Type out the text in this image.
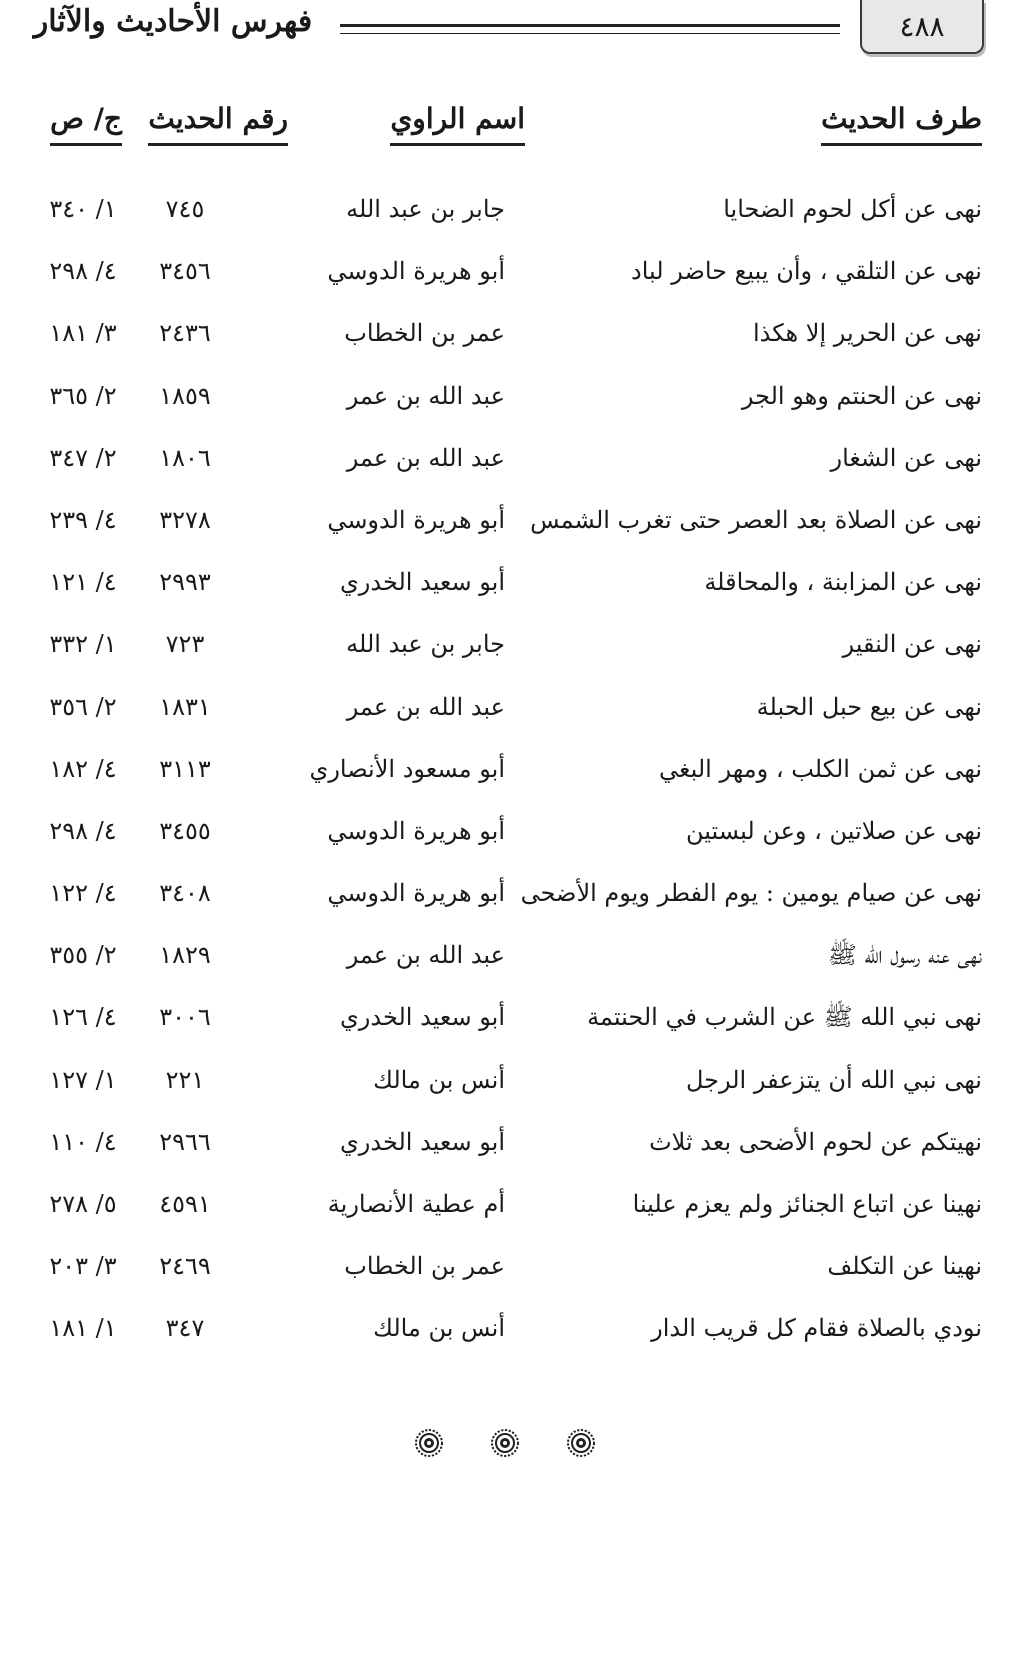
٤٨٨
فهرس الأحاديث والآثار
طرف الحديث
اسم الراوي
رقم الحديث
ج/ ص
نهى عن أكل لحوم الضحايا
جابر بن عبد الله
٧٤٥
١/ ٣٤٠
نهى عن التلقي ، وأن يبيع حاضر لباد
أبو هريرة الدوسي
٣٤٥٦
٤/ ٢٩٨
نهى عن الحرير إلا هكذا
عمر بن الخطاب
٢٤٣٦
٣/ ١٨١
نهى عن الحنتم وهو الجر
عبد الله بن عمر
١٨٥٩
٢/ ٣٦٥
نهى عن الشغار
عبد الله بن عمر
١٨٠٦
٢/ ٣٤٧
نهى عن الصلاة بعد العصر حتى تغرب الشمس
أبو هريرة الدوسي
٣٢٧٨
٤/ ٢٣٩
نهى عن المزابنة ، والمحاقلة
أبو سعيد الخدري
٢٩٩٣
٤/ ١٢١
نهى عن النقير
جابر بن عبد الله
٧٢٣
١/ ٣٣٢
نهى عن بيع حبل الحبلة
عبد الله بن عمر
١٨٣١
٢/ ٣٥٦
نهى عن ثمن الكلب ، ومهر البغي
أبو مسعود الأنصاري
٣١١٣
٤/ ١٨٢
نهى عن صلاتين ، وعن لبستين
أبو هريرة الدوسي
٣٤٥٥
٤/ ٢٩٨
نهى عن صيام يومين : يوم الفطر ويوم الأضحى
أبو هريرة الدوسي
٣٤٠٨
٤/ ١٢٢
نهى عنه رسول الله ﷺ
عبد الله بن عمر
١٨٢٩
٢/ ٣٥٥
نهى نبي الله ﷺ عن الشرب في الحنتمة
أبو سعيد الخدري
٣٠٠٦
٤/ ١٢٦
نهى نبي الله أن يتزعفر الرجل
أنس بن مالك
٢٢١
١/ ١٢٧
نهيتكم عن لحوم الأضحى بعد ثلاث
أبو سعيد الخدري
٢٩٦٦
٤/ ١١٠
نهينا عن اتباع الجنائز ولم يعزم علينا
أم عطية الأنصارية
٤٥٩١
٥/ ٢٧٨
نهينا عن التكلف
عمر بن الخطاب
٢٤٦٩
٣/ ٢٠٣
نودي بالصلاة فقام كل قريب الدار
أنس بن مالك
٣٤٧
١/ ١٨١
